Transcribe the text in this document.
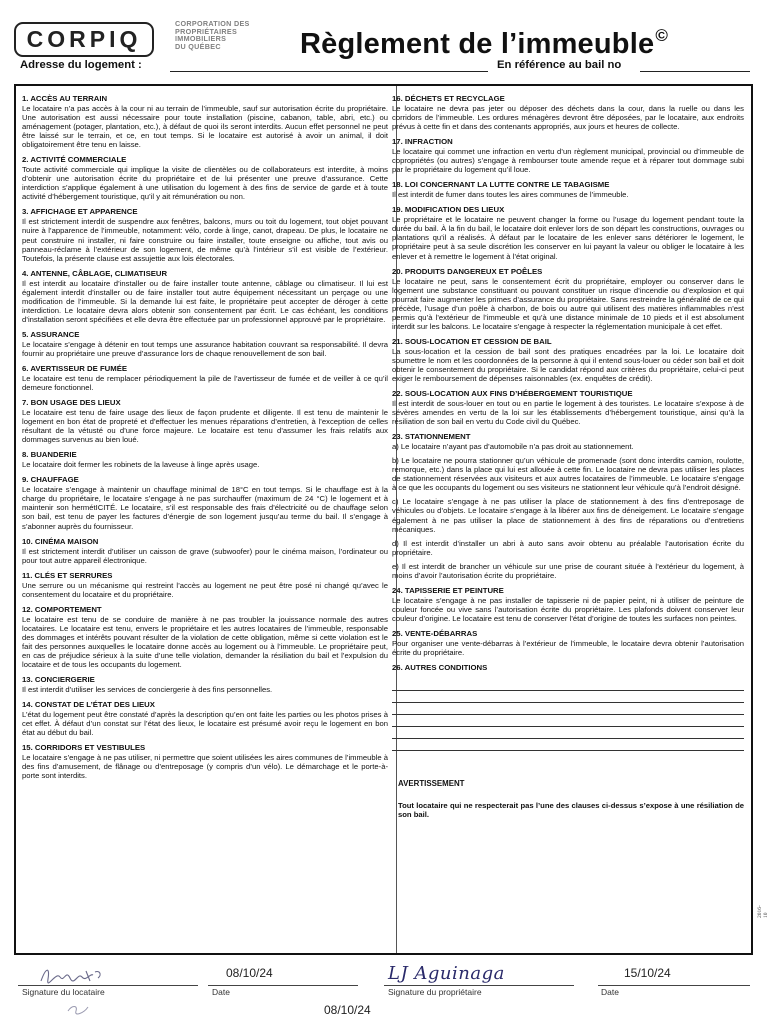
CORPIQ
CORPORATION DES
PROPRIÉTAIRES
IMMOBILIERS
DU QUÉBEC	Règlement de l’immeuble©
Adresse du logement :	En référence au bail no
1. ACCÈS AU TERRAIN

Le locataire n’a pas accès à la cour ni au terrain de l’immeuble, sauf sur autorisation écrite du propriétaire. Une autorisation est aussi nécessaire pour toute installation (piscine, cabanon, table, abri, etc.) ou aménagement (potager, plantation, etc.), à défaut de quoi ils seront interdits. Aucun effet personnel ne peut être laissé sur le terrain, et ce, en tout temps. Si le locataire est autorisé à avoir un animal, il doit obligatoirement être tenu en laisse.

2. ACTIVITÉ COMMERCIALE

Toute activité commerciale qui implique la visite de clientèles ou de collaborateurs est interdite, à moins d’obtenir une autorisation écrite du propriétaire et de lui présenter une preuve d’assurance. Cette interdiction s’applique également à une utilisation du logement à des fins de service de garde et à toute activité d’hébergement touristique, qu’il y ait rémunération ou non.

3. AFFICHAGE ET APPARENCE

Il est strictement interdit de suspendre aux fenêtres, balcons, murs ou toit du logement, tout objet pouvant nuire à l’apparence de l’immeuble, notamment: vélo, corde à linge, canot, drapeau. De plus, le locataire ne peut construire ni installer, ni faire construire ou faire installer, toute enseigne ou affiche, tout avis ou panneau-réclame à l’extérieur de son logement, de même qu’à l’intérieur s’il est visible de l’extérieur. Toutefois, la présente clause est assujettie aux lois électorales.

4. ANTENNE, CÂBLAGE, CLIMATISEUR

Il est interdit au locataire d’installer ou de faire installer toute antenne, câblage ou climatiseur. Il lui est également interdit d’installer ou de faire installer tout autre équipement nécessitant un perçage ou une modification de l’immeuble. Si la demande lui est faite, le propriétaire peut accepter de déroger à cette interdiction. Le locataire devra alors obtenir son consentement par écrit. Le cas échéant, les conditions d’installation seront spécifiées et elle devra être effectuée par un professionnel approuvé par le propriétaire.

5. ASSURANCE

Le locataire s’engage à détenir en tout temps une assurance habitation couvrant sa responsabilité. Il devra fournir au propriétaire une preuve d’assurance lors de chaque renouvellement de son bail.

6. AVERTISSEUR DE FUMÉE

Le locataire est tenu de remplacer périodiquement la pile de l’avertisseur de fumée et de veiller à ce qu’il demeure fonctionnel.

7. BON USAGE DES LIEUX

Le locataire est tenu de faire usage des lieux de façon prudente et diligente. Il est tenu de maintenir le logement en bon état de propreté et d’effectuer les menues réparations d’entretien, à l’exception de celles résultant de la vétusté ou d’une force majeure. Le locataire est tenu d’assumer les frais relatifs aux dommages survenus au bien loué.

8. BUANDERIE

Le locataire doit fermer les robinets de la laveuse à linge après usage.

9. CHAUFFAGE

Le locataire s’engage à maintenir un chauffage minimal de 18°C en tout temps. Si le chauffage est à la charge du propriétaire, le locataire s’engage à ne pas surchauffer (maximum de 24 °C) le logement et à maintenir son hermétICITÉ. Le locataire, s’il est responsable des frais d’électricité ou de chauffage selon son bail, est tenu de payer les factures d’énergie de son logement jusqu’au terme du bail. Il s’engage à s’abonner auprès du fournisseur.

10. CINÉMA MAISON

Il est strictement interdit d’utiliser un caisson de grave (subwoofer) pour le cinéma maison, l’ordinateur ou pour tout autre appareil électronique.

11. CLÉS ET SERRURES

Une serrure ou un mécanisme qui restreint l’accès au logement ne peut être posé ni changé qu’avec le consentement du locataire et du propriétaire.

12. COMPORTEMENT

Le locataire est tenu de se conduire de manière à ne pas troubler la jouissance normale des autres locataires. Le locataire est tenu, envers le propriétaire et les autres locataires de l’immeuble, responsable des dommages et intérêts pouvant résulter de la violation de cette obligation, même si cette violation est le fait des personnes auxquelles le locataire donne accès au logement ou à l’immeuble. Le propriétaire peut, en cas de préjudice sérieux à la suite d’une telle violation, demander la résiliation du bail et l’expulsion du locataire et de tous les occupants du logement.

13. CONCIERGERIE

Il est interdit d’utiliser les services de conciergerie à des fins personnelles.

14. CONSTAT DE L’ÉTAT DES LIEUX

L’état du logement peut être constaté d’après la description qu’en ont faite les parties ou les photos prises à cet effet. À défaut d’un constat sur l’état des lieux, le locataire est présumé avoir reçu le logement en bon état au début du bail.

15. CORRIDORS ET VESTIBULES

Le locataire s’engage à ne pas utiliser, ni permettre que soient utilisées les aires communes de l’immeuble à des fins d’amusement, de flânage ou d’entreposage (y compris d’un vélo). Le démarchage et le porte-à-porte sont interdits.

16. DÉCHETS ET RECYCLAGE

Le locataire ne devra pas jeter ou déposer des déchets dans la cour, dans la ruelle ou dans les corridors de l’immeuble. Les ordures ménagères devront être déposées, par le locataire, aux endroits prévus à cette fin et dans des contenants appropriés, aux jours et heures de collecte.

17. INFRACTION

Le locataire qui commet une infraction en vertu d’un règlement municipal, provincial ou d’immeuble de copropriétés (ou autres) s’engage à rembourser toute amende reçue et à réparer tout dommage subi par le propriétaire du logement qu’il loue.

18. LOI CONCERNANT LA LUTTE CONTRE LE TABAGISME

Il est interdit de fumer dans toutes les aires communes de l’immeuble.

19. MODIFICATION DES LIEUX

Le propriétaire et le locataire ne peuvent changer la forme ou l’usage du logement pendant toute la durée du bail. À la fin du bail, le locataire doit enlever lors de son départ les constructions, ouvrages ou plantations qu’il a réalisés. À défaut par le locataire de les enlever sans détériorer le logement, le propriétaire peut à sa seule discrétion les conserver en lui payant la valeur ou obliger le locataire à les enlever et à remettre le logement à l’état original.

20. PRODUITS DANGEREUX ET POÊLES

Le locataire ne peut, sans le consentement écrit du propriétaire, employer ou conserver dans le logement une substance constituant ou pouvant constituer un risque d’incendie ou d’explosion et qui pourrait faire augmenter les primes d’assurance du propriétaire. Sans restreindre la généralité de ce qui précède, l’usage d’un poêle à charbon, de bois ou autre qui utilisent des matières inflammables n’est permis qu’à l’extérieur de l’immeuble et qu’à une distance minimale de 10 pieds et il est absolument interdit sur les balcons. Le locataire s’engage à respecter la réglementation municipale à cet effet.

21. SOUS-LOCATION ET CESSION DE BAIL

La sous-location et la cession de bail sont des pratiques encadrées par la loi. Le locataire doit soumettre le nom et les coordonnées de la personne à qui il entend sous-louer ou céder son bail et doit obtenir le consentement du propriétaire. Si le candidat répond aux critères du propriétaire, celui-ci peut exiger le remboursement de dépenses raisonnables (ex. enquêtes de crédit).

22. SOUS-LOCATION AUX FINS D’HÉBERGEMENT TOURISTIQUE

Il est interdit de sous-louer en tout ou en partie le logement à des touristes. Le locataire s’expose à de sévères amendes en vertu de la loi sur les établissements d’hébergement touristique, ainsi qu’à la résiliation de son bail en vertu du Code civil du Québec.

23. STATIONNEMENT

a) Le locataire n’ayant pas d’automobile n’a pas droit au stationnement.

b) Le locataire ne pourra stationner qu’un véhicule de promenade (sont donc interdits camion, roulotte, remorque, etc.) dans la place qui lui est allouée à cette fin. Le locataire ne devra pas utiliser les places de stationnement réservées aux visiteurs et aux autres locataires de l’immeuble. Le locataire s’engage à ce que les occupants du logement ou ses visiteurs ne stationnent leur véhicule qu’à l’endroit désigné.

c) Le locataire s’engage à ne pas utiliser la place de stationnement à des fins d’entreposage de véhicules ou d’objets. Le locataire s’engage à la libérer aux fins de déneigement. Le locataire s’engage également à ne pas utiliser la place de stationnement à des fins de réparations ou d’entretiens mécaniques.

d) Il est interdit d’installer un abri à auto sans avoir obtenu au préalable l’autorisation écrite du propriétaire.

e) Il est interdit de brancher un véhicule sur une prise de courant située à l’extérieur du logement, à moins d’avoir l’autorisation écrite du propriétaire.

24. TAPISSERIE ET PEINTURE

Le locataire s’engage à ne pas installer de tapisserie ni de papier peint, ni à utiliser de peinture de couleur foncée ou vive sans l’autorisation écrite du propriétaire. Les plafonds doivent conserver leur couleur d’origine. Le locataire est tenu de conserver l’état d’origine de toutes les surfaces non peintes.

25. VENTE-DÉBARRAS

Pour organiser une vente-débarras à l’extérieur de l’immeuble, le locataire devra obtenir l’autorisation écrite du propriétaire.

26. AUTRES CONDITIONS
AVERTISSEMENT

Tout locataire qui ne respecterait pas l’une des clauses ci-dessus s’expose à une résiliation de son bail.

2016-10
Signature du locataire
08/10/24
Date
LJ Aguinaga
Signature du propriétaire
15/10/24
Date
08/10/24
